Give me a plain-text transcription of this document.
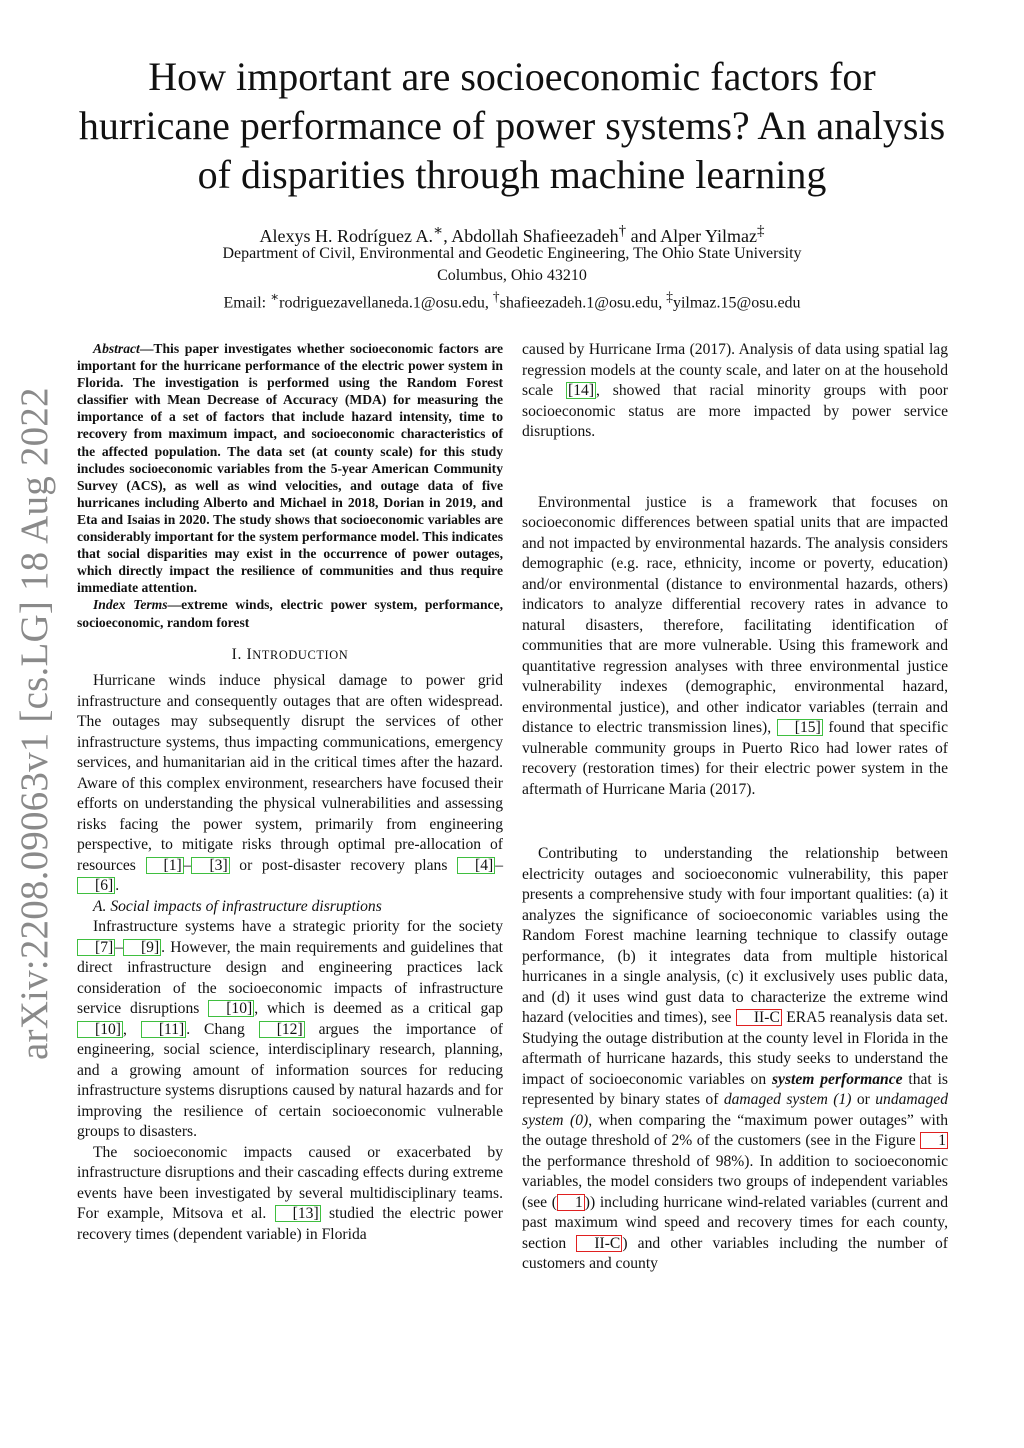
arXiv:2208.09063v1 [cs.LG] 18 Aug 2022
How important are socioeconomic factors for hurricane performance of power systems? An analysis of disparities through machine learning
Alexys H. Rodríguez A.∗, Abdollah Shafieezadeh† and Alper Yilmaz‡
Department of Civil, Environmental and Geodetic Engineering, The Ohio State University
Columbus, Ohio 43210
Email: ∗rodriguezavellaneda.1@osu.edu, †shafieezadeh.1@osu.edu, ‡yilmaz.15@osu.edu

Abstract—This paper investigates whether socioeconomic factors are important for the hurricane performance of the electric power system in Florida. The investigation is performed using the Random Forest classifier with Mean Decrease of Accuracy (MDA) for measuring the importance of a set of factors that include hazard intensity, time to recovery from maximum impact, and socioeconomic characteristics of the affected population. The data set (at county scale) for this study includes socioeconomic variables from the 5-year American Community Survey (ACS), as well as wind velocities, and outage data of five hurricanes including Alberto and Michael in 2018, Dorian in 2019, and Eta and Isaias in 2020. The study shows that socioeconomic variables are considerably important for the system performance model. This indicates that social disparities may exist in the occurrence of power outages, which directly impact the resilience of communities and thus require immediate attention.

Index Terms—extreme winds, electric power system, performance, socioeconomic, random forest

I. INTRODUCTION

Hurricane winds induce physical damage to power grid infrastructure and consequently outages that are often widespread. The outages may subsequently disrupt the services of other infrastructure systems, thus impacting communications, emergency services, and humanitarian aid in the critical times after the hazard. Aware of this complex environment, researchers have focused their efforts on understanding the physical vulnerabilities and assessing risks facing the power system, primarily from engineering perspective, to mitigate risks through optimal pre-allocation of resources [1] – [3] or post-disaster recovery plans [4] –[6] .

A. Social impacts of infrastructure disruptions

Infrastructure systems have a strategic priority for the society [7] – [9] . However, the main requirements and guidelines that direct infrastructure design and engineering practices lack consideration of the socioeconomic impacts of infrastructure service disruptions [10] , which is deemed as a critical gap [10] , [11] . Chang [12] argues the importance of engineering, social science, interdisciplinary research, planning, and a growing amount of information sources for reducing infrastructure systems disruptions caused by natural hazards and for improving the resilience of certain socioeconomic vulnerable groups to disasters.

The socioeconomic impacts caused or exacerbated by infrastructure disruptions and their cascading effects during extreme events have been investigated by several multidisciplinary teams. For example, Mitsova et al. [13] studied the electric power recovery times (dependent variable) in Florida

caused by Hurricane Irma (2017). Analysis of data using spatial lag regression models at the county scale, and later on at the household scale [14] , showed that racial minority groups with poor socioeconomic status are more impacted by power service disruptions.

Environmental justice is a framework that focuses on socioeconomic differences between spatial units that are impacted and not impacted by environmental hazards. The analysis considers demographic (e.g. race, ethnicity, income or poverty, education) and/or environmental (distance to environmental hazards, others) indicators to analyze differential recovery rates in advance to natural disasters, therefore, facilitating identification of communities that are more vulnerable. Using this framework and quantitative regression analyses with three environmental justice vulnerability indexes (demographic, environmental hazard, environmental justice), and other indicator variables (terrain and distance to electric transmission lines), [15] found that specific vulnerable community groups in Puerto Rico had lower rates of recovery (restoration times) for their electric power system in the aftermath of Hurricane Maria (2017).

Contributing to understanding the relationship between electricity outages and socioeconomic vulnerability, this paper presents a comprehensive study with four important qualities: (a) it analyzes the significance of socioeconomic variables using the Random Forest machine learning technique to classify outage performance, (b) it integrates data from multiple historical hurricanes in a single analysis, (c) it exclusively uses public data, and (d) it uses wind gust data to characterize the extreme wind hazard (velocities and times), see II-C ERA5 reanalysis data set. Studying the outage distribution at the county level in Florida in the aftermath of hurricane hazards, this study seeks to understand the impact of socioeconomic variables on system performance that is represented by binary states of damaged system (1) or undamaged system (0), when comparing the “maximum power outages” with the outage threshold of 2% of the customers (see in the Figure 1 the performance threshold of 98%). In addition to socioeconomic variables, the model considers two groups of independent variables (see ( 1 )) including hurricane wind-related variables (current and past maximum wind speed and recovery times for each county, section II-C ) and other variables including the number of customers and county
